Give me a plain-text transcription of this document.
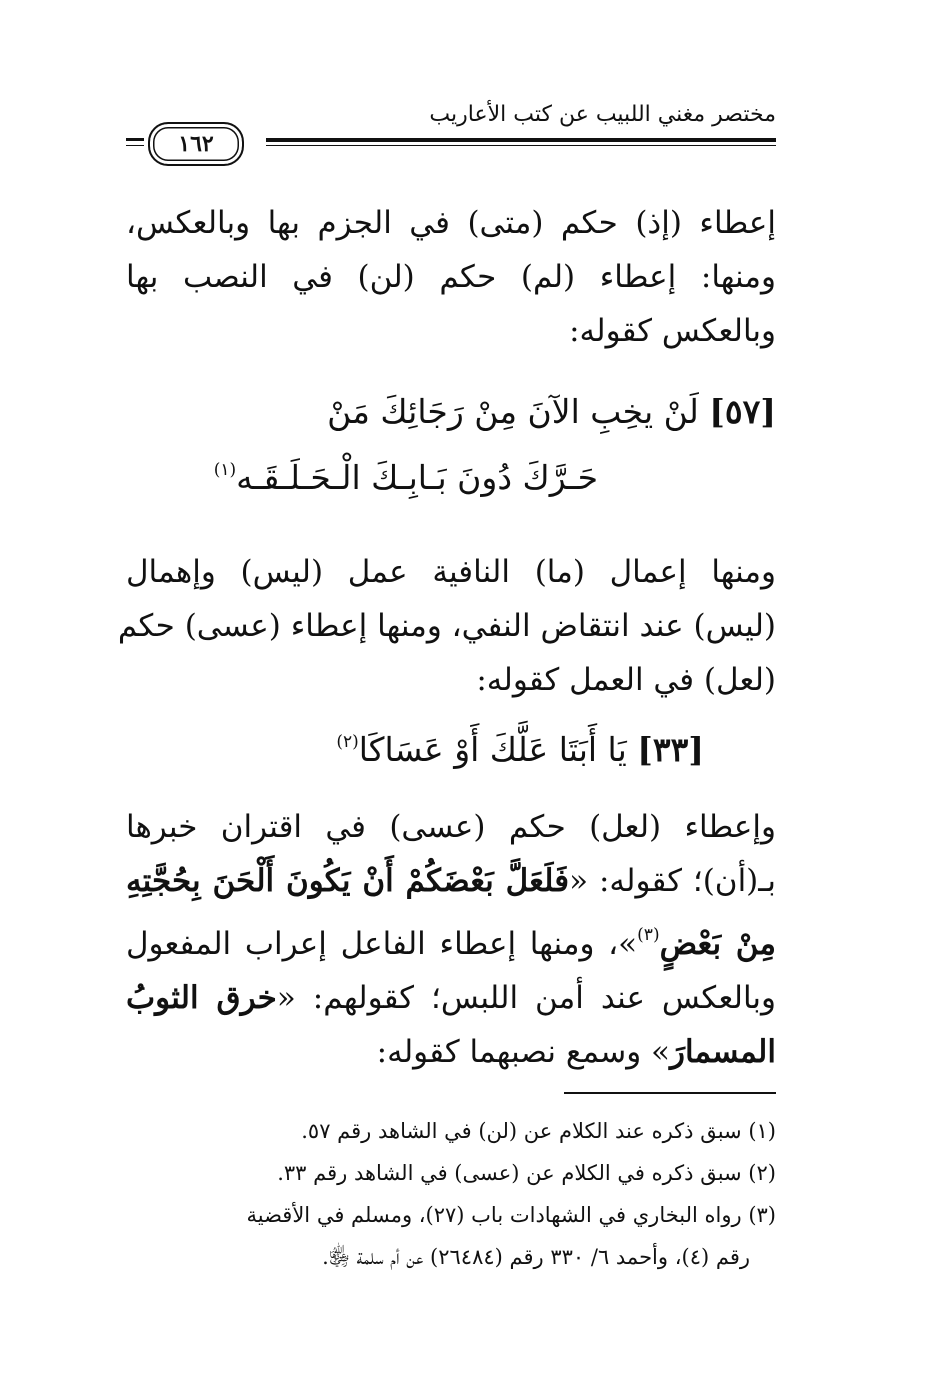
مختصر مغني اللبيب عن كتب الأعاريب
١٦٢
إعطاء (إذ) حكم (متى) في الجزم بها وبالعكس،
ومنها: إعطاء (لم) حكم (لن) في النصب بها
وبالعكس كقوله:
[٥٧] لَنْ يخِبِ الآنَ مِنْ رَجَائِكَ مَنْ
حَـرَّكَ دُونَ بَـابِـكَ الْـحَـلَـقَـه$^{(١)}$
ومنها إعمال (ما) النافية عمل (ليس) وإهمال
(ليس) عند انتقاض النفي، ومنها إعطاء (عسى) حكم
(لعل) في العمل كقوله:
[٣٣] يَا أَبَتَا عَلَّكَ أَوْ عَسَاكَا$^{(٢)}$
وإعطاء (لعل) حكم (عسى) في اقتران خبرها
بـ(أن)؛ كقوله: «فَلَعَلَّ بَعْضَكُمْ أَنْ يَكُونَ أَلْحَنَ بِحُجَّتِهِ
مِنْ بَعْضٍ$^{(٣)}$»، ومنها إعطاء الفاعل إعراب المفعول
وبالعكس عند أمن اللبس؛ كقولهم: «خرق الثوبُ
المسمارَ» وسمع نصبهما كقوله:
(١) سبق ذكره عند الكلام عن (لن) في الشاهد رقم ٥٧.
(٢) سبق ذكره في الكلام عن (عسى) في الشاهد رقم ٣٣.
(٣) رواه البخاري في الشهادات باب (٢٧)، ومسلم في الأقضية
رقم (٤)، وأحمد ٦/ ٣٣٠ رقم (٢٦٤٨٤) عن أم سلمة ﵂.
